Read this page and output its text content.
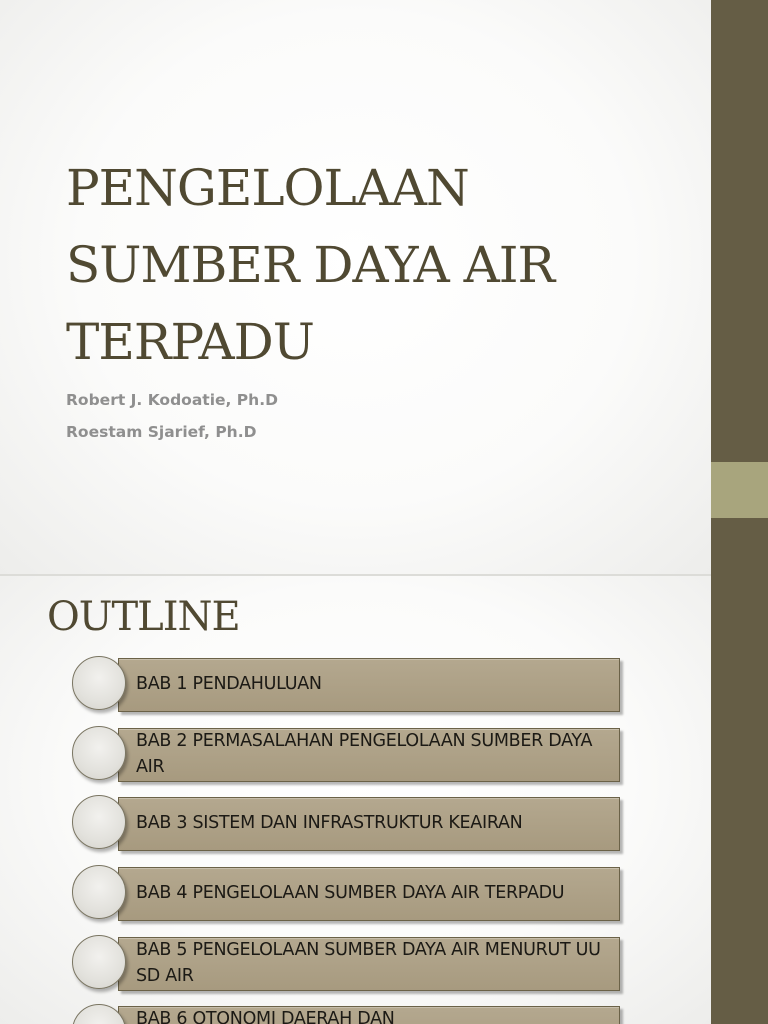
PENGELOLAAN
SUMBER DAYA AIR
TERPADU

Robert J. Kodoatie, Ph.D

Roestam Sjarief, Ph.D

OUTLINE
BAB 1 PENDAHULUAN
BAB 2 PERMASALAHAN PENGELOLAAN SUMBER DAYA AIR
BAB 3 SISTEM DAN INFRASTRUKTUR KEAIRAN
BAB 4 PENGELOLAAN SUMBER DAYA AIR TERPADU
BAB 5 PENGELOLAAN SUMBER DAYA AIR MENURUT UU SD AIR
BAB 6 OTONOMI DAERAH DAN
